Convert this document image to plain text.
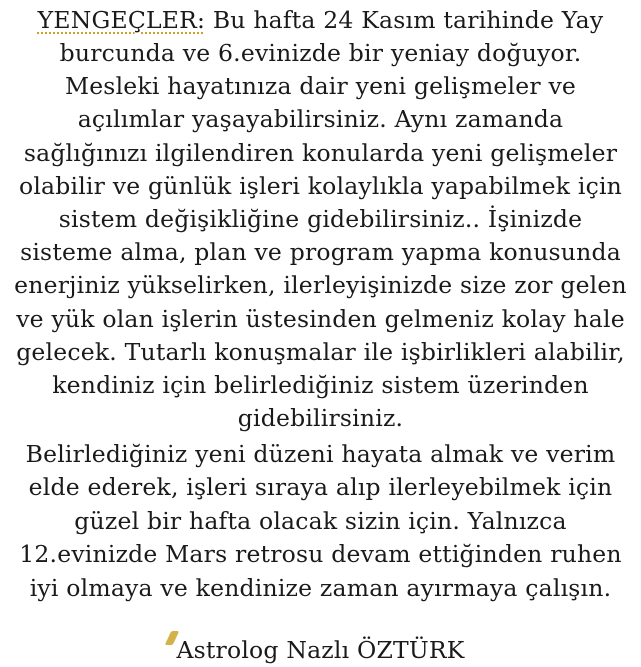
YENGEÇLER: Bu hafta 24 Kasım tarihinde Yay
burcunda ve 6.evinizde bir yeniay doğuyor.
Mesleki hayatınıza dair yeni gelişmeler ve
açılımlar yaşayabilirsiniz. Aynı zamanda
sağlığınızı ilgilendiren konularda yeni gelişmeler
olabilir ve günlük işleri kolaylıkla yapabilmek için
sistem değişikliğine gidebilirsiniz.. İşinizde
sisteme alma, plan ve program yapma konusunda
enerjiniz yükselirken, ilerleyişinizde size zor gelen
ve yük olan işlerin üstesinden gelmeniz kolay hale
gelecek. Tutarlı konuşmalar ile işbirlikleri alabilir,
kendiniz için belirlediğiniz sistem üzerinden
gidebilirsiniz.
Belirlediğiniz yeni düzeni hayata almak ve verim
elde ederek, işleri sıraya alıp ilerleyebilmek için
güzel bir hafta olacak sizin için. Yalnızca
12.evinizde Mars retrosu devam ettiğinden ruhen
iyi olmaya ve kendinize zaman ayırmaya çalışın.
Astrolog Nazlı ÖZTÜRK
